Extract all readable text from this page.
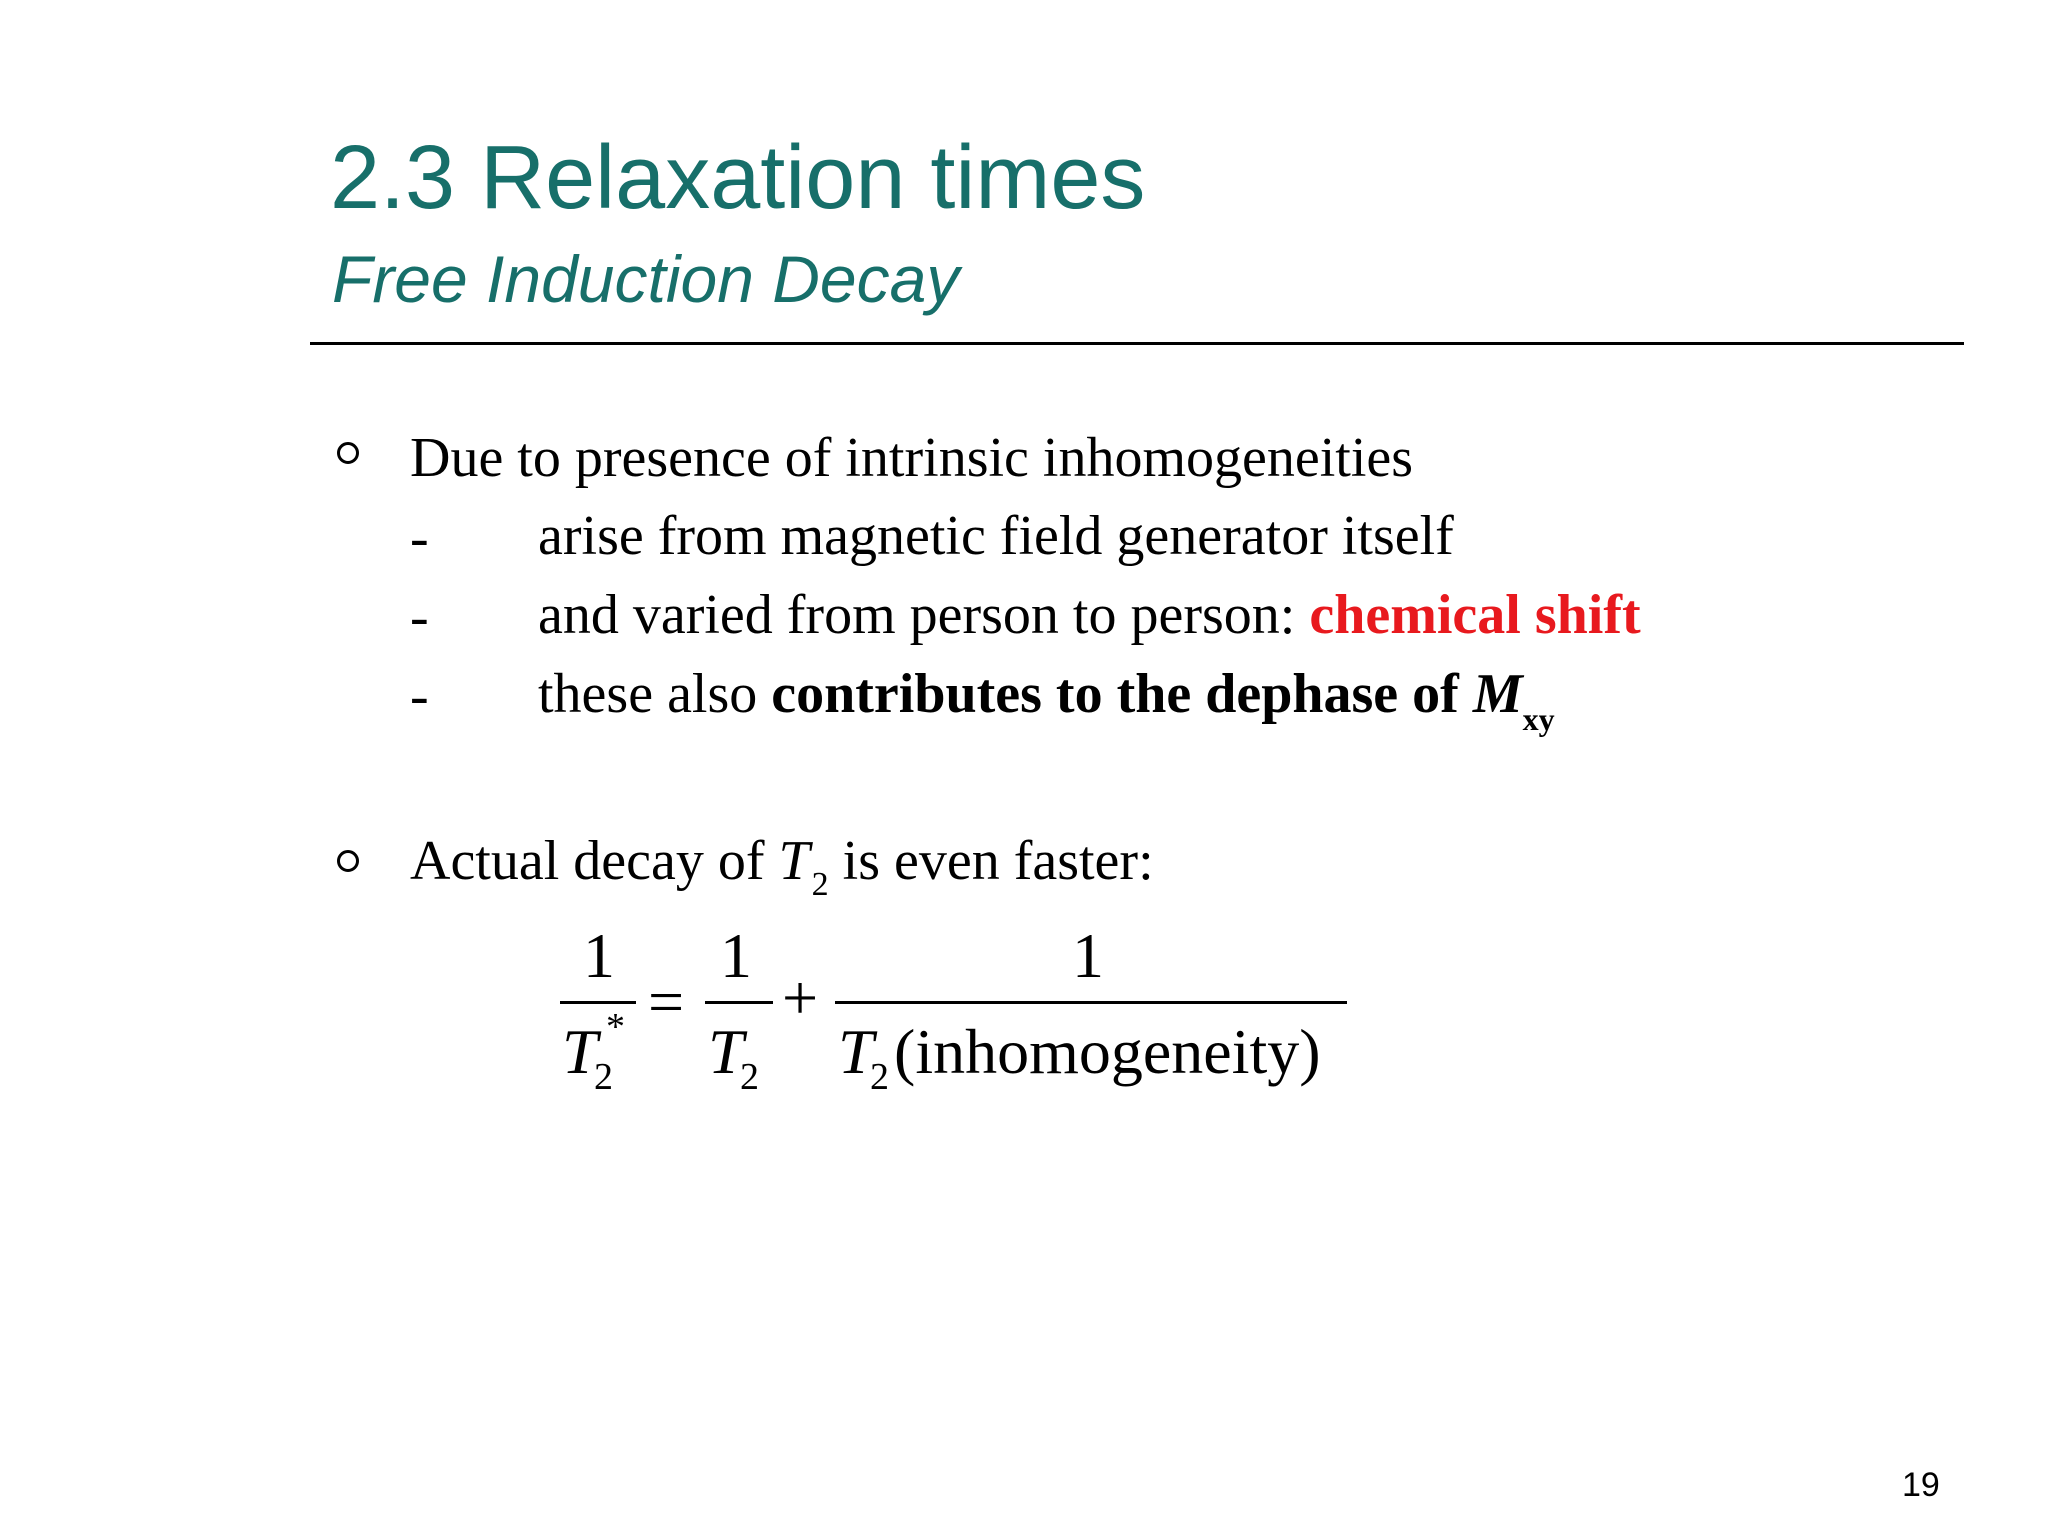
2.3 Relaxation times
Free Induction Decay
Due to presence of intrinsic inhomogeneities
- arise from magnetic field generator itself
- and varied from person to person: chemical shift
- these also contributes to the dephase of $M_{xy}$
Actual decay of $T_2$ is even faster:
1
T
2
* =
1
T
2
+
1
T
2 (inhomogeneity)
19
